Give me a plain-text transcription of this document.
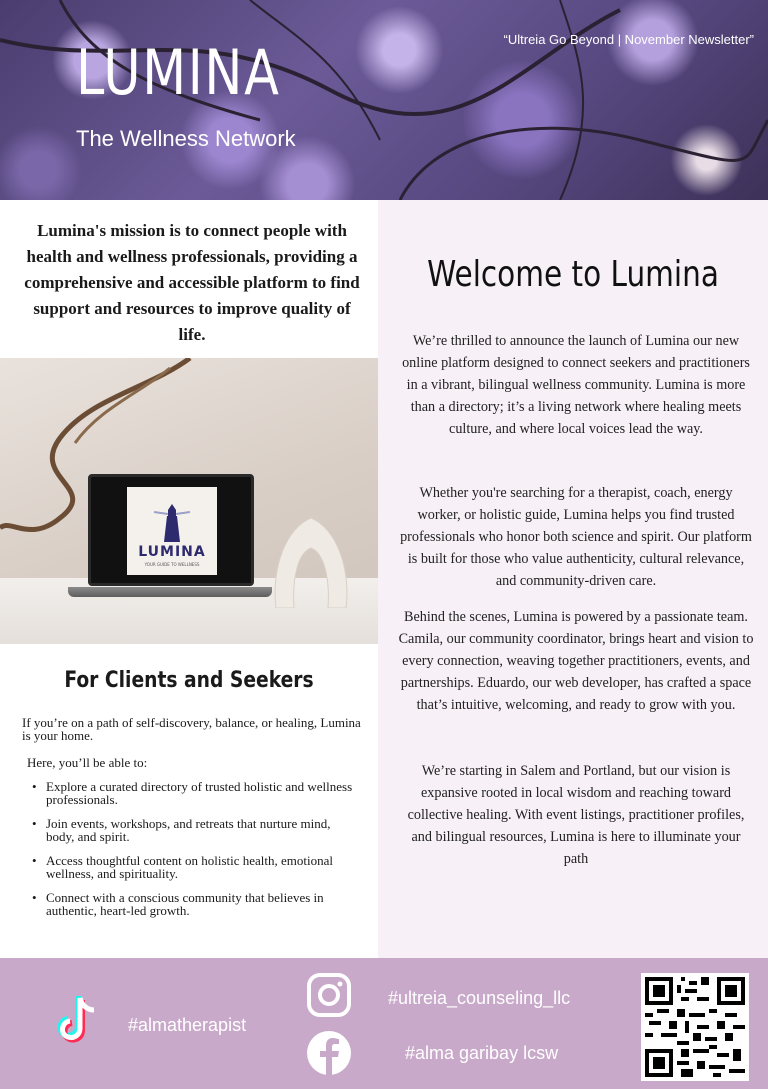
LUMINA
The Wellness Network
“Ultreia Go Beyond | November Newsletter”
Lumina's mission is to connect people with health and wellness professionals, providing a comprehensive and accessible platform to find support and resources to improve quality of life.
LUMINA
YOUR GUIDE TO WELLNESS
For Clients and Seekers
If you’re on a path of self-discovery, balance, or healing, Lumina is your home.
Here, you’ll be able to:
• Explore a curated directory of trusted holistic and wellness professionals.
• Join events, workshops, and retreats that nurture mind, body, and spirit.
• Access thoughtful content on holistic health, emotional wellness, and spirituality.
• Connect with a conscious community that believes in authentic, heart-led growth.
Welcome to Lumina
We’re thrilled to announce the launch of Lumina our new online platform designed to connect seekers and practitioners in a vibrant, bilingual wellness community. Lumina is more than a directory; it’s a living network where healing meets culture, and where local voices lead the way.
Whether you're searching for a therapist, coach, energy worker, or holistic guide, Lumina helps you find trusted professionals who honor both science and spirit. Our platform is built for those who value authenticity, cultural relevance, and community-driven care.
Behind the scenes, Lumina is powered by a passionate team. Camila, our community coordinator, brings heart and vision to every connection, weaving together practitioners, events, and partnerships. Eduardo, our web developer, has crafted a space that’s intuitive, welcoming, and ready to grow with you.
We’re starting in Salem and Portland, but our vision is expansive rooted in local wisdom and reaching toward collective healing. With event listings, practitioner profiles, and bilingual resources, Lumina is here to illuminate your path
#almatherapist
#ultreia_counseling_llc
#alma garibay lcsw
